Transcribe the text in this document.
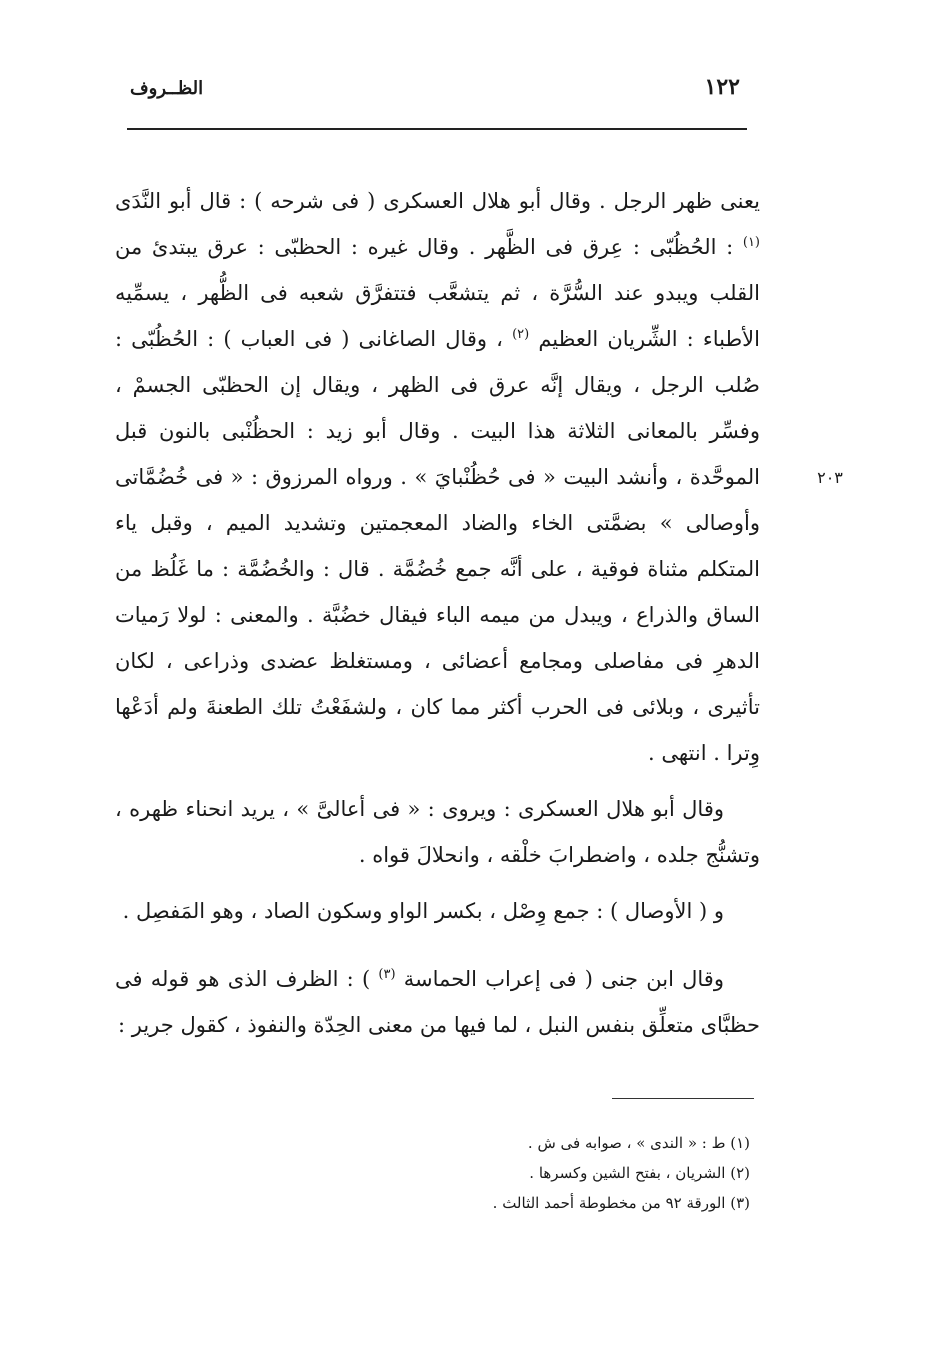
١٢٢
الظــروف
٢٠٣

يعنى ظهر الرجل . وقال أبو هلال العسكرى ( فى شرحه ) : قال أبو النَّدَى $^{(١)}$ : الحُظُبّى : عِرق فى الظَّهر . وقال غيره : الحظبّى : عرق يبتدئ من القلب ويبدو عند السُّرَّة ، ثم يتشعَّب فتتفرَّق شعبه فى الظُّهر ، يسمِّيه الأطباء : الشِّريان العظيم $^{(٢)}$ ، وقال الصاغانى ( فى العباب ) : الحُظُبّى : صُلب الرجل ، ويقال إنَّه عرق فى الظهر ، ويقال إن الحظبّى الجسمْ ، وفسِّر بالمعانى الثلاثة هذا البيت . وقال أبو زيد : الحظُنْبى بالنون قبل الموحَّدة ، وأنشد البيت « فى حُظُنْبايَ » . ورواه المرزوق : « فى خُضُمَّاتى وأوصالى » بضمَّتى الخاء والضاد المعجمتين وتشديد الميم ، وقبل ياء المتكلم مثناة فوقية ، على أنَّه جمع خُضُمَّة . قال : والخُضُمَّة : ما غَلُظ من الساق والذراع ، ويبدل من ميمه الباء فيقال خضُبَّة . والمعنى : لولا رَميات الدهرِ فى مفاصلى ومجامع أعضائى ، ومستغلظ عضدى وذراعى ، لكان تأثيرى ، وبلائى فى الحرب أكثر مما كان ، ولشفَعْتُ تلك الطعنةَ ولم أدَعْها وِترا . انتهى .

وقال أبو هلال العسكرى : ويروى : « فى أعالىَّ » ، يريد انحناء ظهره ، وتشنُّج جلده ، واضطرابَ خلْقه ، وانحلالَ قواه .

و ( الأوصال ) : جمع وِصْل ، بكسر الواو وسكون الصاد ، وهو المَفصِل .

وقال ابن جنى ( فى إعراب الحماسة $^{(٣)}$ ) : الظرف الذى هو قوله فى حظبَّاى متعلِّق بنفس النبل ، لما فيها من معنى الحِدّة والنفوذ ، كقول جرير :

(١) ط : « الندى » ، صوابه فى ش .

(٢) الشريان ، بفتح الشين وكسرها .

(٣) الورقة ٩٢ من مخطوطة أحمد الثالث .
